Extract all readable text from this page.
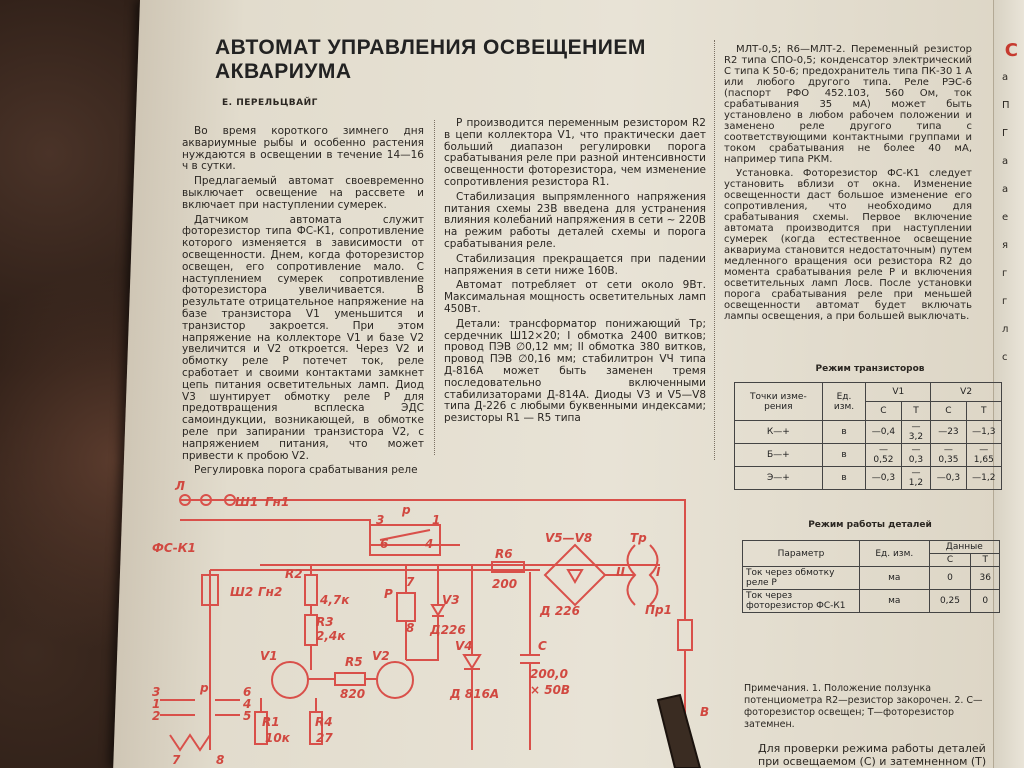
С
а
П
Г
а
а
е
я
г
г
л
с
АВТОМАТ УПРАВЛЕНИЯ ОСВЕЩЕНИЕМ
АКВАРИУМА
Е. ПЕРЕЛЬЦВАЙГ

Во время короткого зимнего дня аквариумные рыбы и особенно растения нуждаются в освещении в течение 14—16 ч в сутки.

Предлагаемый автомат своевременно выключает освещение на рассвете и включает при наступлении сумерек.

Датчиком автомата служит фоторезистор типа ФС-К1, сопротивление которого изменяется в зависимости от освещенности. Днем, когда фоторезистор освещен, его сопротивление мало. С наступлением сумерек сопротивление фоторезистора увеличивается. В результате отрицательное напряжение на базе транзистора V1 уменьшится и транзистор закроется. При этом напряжение на коллекторе V1 и базе V2 увеличится и V2 откроется. Через V2 и обмотку реле Р потечет ток, реле сработает и своими контактами замкнет цепь питания осветительных ламп. Диод V3 шунтирует обмотку реле Р для предотвращения всплеска ЭДС самоиндукции, возникающей, в обмотке реле при запирании транзистора V2, с напряжением питания, что может привести к пробою V2.

Регулировка порога срабатывания реле

Р производится переменным резистором R2 в цепи коллектора V1, что практически дает больший диапазон регулировки порога срабатывания реле при разной интенсивности освещенности фоторезистора, чем изменение сопротивления резистора R1.

Стабилизация выпрямленного напряжения питания схемы 23В введена для устранения влияния колебаний напряжения в сети ~ 220В на режим работы деталей схемы и порога срабатывания реле.

Стабилизация прекращается при падении напряжения в сети ниже 160В.

Автомат потребляет от сети около 9Вт. Максимальная мощность осветительных ламп 450Вт.

Детали: трансформатор понижающий Тр; сердечник Ш12×20; I обмотка 2400 витков; провод ПЭВ ∅0,12 мм; II обмотка 380 витков, провод ПЭВ ∅0,16 мм; стабилитрон VЧ типа Д-816А может быть заменен тремя последовательно включенными стабилизаторами Д-814А. Диоды V3 и V5—V8 типа Д-226 с любыми буквенными индексами; резисторы R1 — R5 типа

МЛТ-0,5; R6—МЛТ-2. Переменный резистор R2 типа СПО-0,5; конденсатор электрический С типа К 50-6; предохранитель типа ПК-30 1 А или любого другого типа. Реле РЭС-6 (паспорт РФО 452.103, 560 Ом, ток срабатывания 35 мА) может быть установлено в любом рабочем положении и заменено реле другого типа с соответствующими контактными группами и током срабатывания не более 40 мА, например типа РКМ.

Установка. Фоторезистор ФС-К1 следует установить вблизи от окна. Изменение освещенности даст большое изменение его сопротивления, что необходимо для срабатывания схемы. Первое включение автомата производится при наступлении сумерек (когда естественное освещение аквариума становится недостаточным) путем медленного вращения оси резистора R2 до момента срабатывания реле Р и включения осветительных ламп Лосв. После установки порога срабатывания реле при меньшей освещенности автомат будет включать лампы освещения, а при большей выключать.

Режим транзисторов
Точки изме-рения	Ед. изм.	V1		V2	
		С	Т	С	Т
К—+	в	—0,4	—3,2	—23	—1,3
Б—+	в	—0,52	—0,3	—0,35	—1,65
Э—+	в	—0,3	—1,2	—0,3	—1,2
Режим работы деталей
Параметр	Ед. изм.	Данные	
		С	Т
Ток через обмотку реле Р	ма	0	36
Ток через фоторезистор ФС-К1	ма	0,25	0
Примечания. 1. Положение ползунка потенциометра R2—резистор закорочен. 2. С—фоторезистор освещен; Т—фоторезистор затемнен.
Для проверки режима работы деталей при освещаемом (С) и затемненном (Т)
Л
Ш1 Гн1
р
3	1
6	4
ФС-К1
Ш2 Гн2
R2
4,7к
R3
2,4к
V1	R5
820
V2
R1
10к
R4
27
Р
7
8
V3
Д226
V4
Д 816А
R6
200
V5—V8
Д 226
С
200,0
× 50В
Тр
II	I
Пр1
В
р
3
1
2
6
4
5
7	8
